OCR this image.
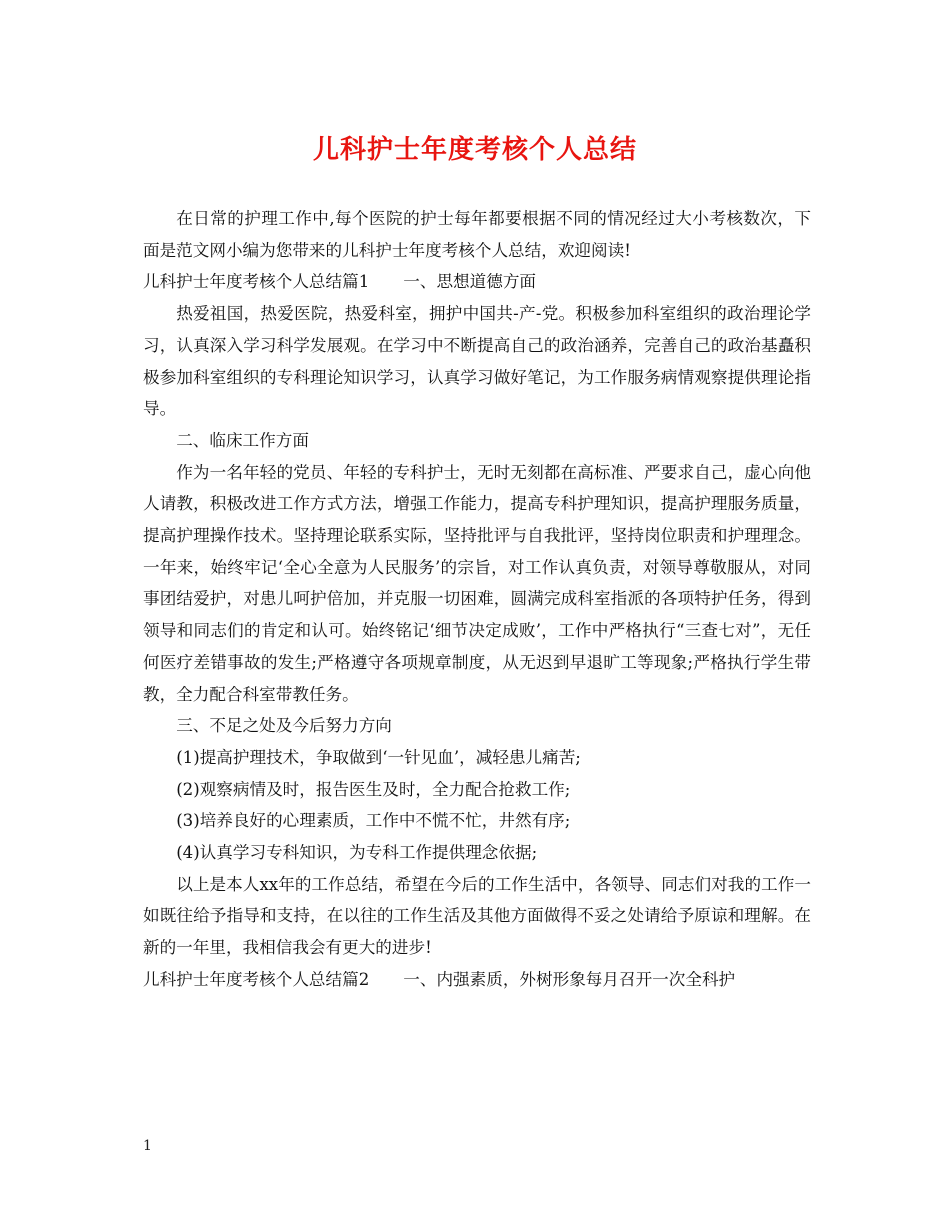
儿科护士年度考核个人总结

在日常的护理工作中,每个医院的护士每年都要根据不同的情况经过大小考核数次，下面是范文网小编为您带来的儿科护士年度考核个人总结，欢迎阅读!

儿科护士年度考核个人总结篇1 一、思想道德方面

热爱祖国，热爱医院，热爱科室，拥护中国共-产-党。积极参加科室组织的政治理论学习，认真深入学习科学发展观。在学习中不断提高自己的政治涵养，完善自己的政治基矗积极参加科室组织的专科理论知识学习，认真学习做好笔记，为工作服务病情观察提供理论指导。

二、临床工作方面

作为一名年轻的党员、年轻的专科护士，无时无刻都在高标准、严要求自己，虚心向他人请教，积极改进工作方式方法，增强工作能力，提高专科护理知识，提高护理服务质量，提高护理操作技术。坚持理论联系实际，坚持批评与自我批评，坚持岗位职责和护理理念。一年来，始终牢记‘全心全意为人民服务’的宗旨，对工作认真负责，对领导尊敬服从，对同事团结爱护，对患儿呵护倍加，并克服一切困难，圆满完成科室指派的各项特护任务，得到领导和同志们的肯定和认可。始终铭记‘细节决定成败’，工作中严格执行“三查七对”，无任何医疗差错事故的发生;严格遵守各项规章制度，从无迟到早退旷工等现象;严格执行学生带教，全力配合科室带教任务。

三、不足之处及今后努力方向

(1)提高护理技术，争取做到‘一针见血’，减轻患儿痛苦;

(2)观察病情及时，报告医生及时，全力配合抢救工作;

(3)培养良好的心理素质，工作中不慌不忙，井然有序;

(4)认真学习专科知识，为专科工作提供理念依据;

以上是本人xx年的工作总结，希望在今后的工作生活中，各领导、同志们对我的工作一如既往给予指导和支持，在以往的工作生活及其他方面做得不妥之处请给予原谅和理解。在新的一年里，我相信我会有更大的进步!

儿科护士年度考核个人总结篇2 一、内强素质，外树形象每月召开一次全科护

1
